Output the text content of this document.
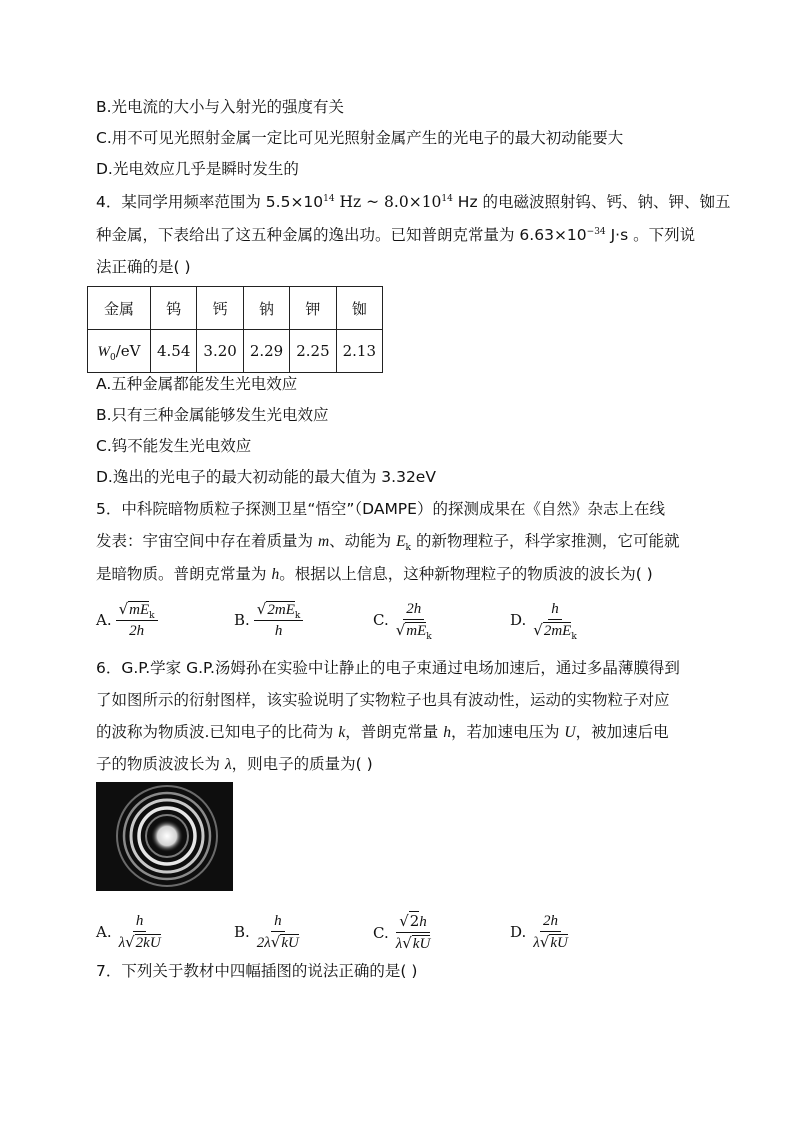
B.光电流的大小与入射光的强度有关
C.用不可见光照射金属一定比可见光照射金属产生的光电子的最大初动能要大
D.光电效应几乎是瞬时发生的
4．某同学用频率范围为 $5.5\times 10^{14}$ Hz ~ $8.0\times 10^{14}$ Hz 的电磁波照射钨、钙、钠、钾、铷五
种金属，下表给出了这五种金属的逸出功。已知普朗克常量为 $6.63\times 10^{-34}$ J·s 。下列说
法正确的是( )
金属	钨	钙	钠	钾	铷
$W_0/eV$	4.54	3.20	2.29	2.25	2.13
A.五种金属都能发生光电效应
B.只有三种金属能够发生光电效应
C.钨不能发生光电效应
D.逸出的光电子的最大初动能的最大值为 3.32eV
5．中科院暗物质粒子探测卫星“悟空”（DAMPE）的探测成果在《自然》杂志上在线
发表：宇宙空间中存在着质量为 m、动能为 $E_k$ 的新物理粒子，科学家推测，它可能就
是暗物质。普朗克常量为 h。根据以上信息，这种新物理粒子的物质波的波长为( )
A. $\frac{√mE_k}{2h}$	B. $\frac{√2mE_k}{h}$	C. $\frac{2h}{√mE_k}$	D. $\frac{h}{√2mE_k}$
6．G.P.学家 G.P.汤姆孙在实验中让静止的电子束通过电场加速后，通过多晶薄膜得到
了如图所示的衍射图样，该实验说明了实物粒子也具有波动性，运动的实物粒子对应
的波称为物质波.已知电子的比荷为 k，普朗克常量 h，若加速电压为 U，被加速后电
子的物质波波长为 λ，则电子的质量为( )
A. $\frac{h}{\lambda√2kU}$	B. $\frac{h}{2\lambda√kU}$	C. $\frac{√2h}{\lambda√kU}$	D. $\frac{2h}{\lambda√kU}$
7．下列关于教材中四幅插图的说法正确的是( )
